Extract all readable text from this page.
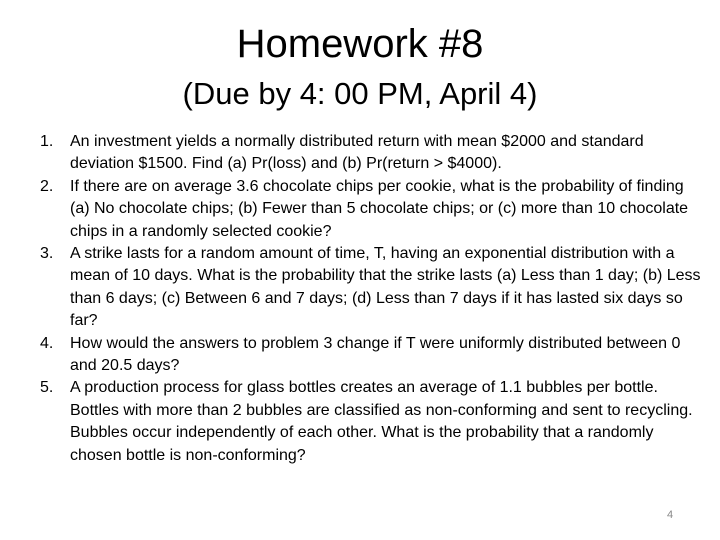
Homework #8
(Due by 4: 00 PM, April 4)
1. An investment yields a normally distributed return with mean $2000 and standard deviation $1500. Find (a) Pr(loss) and (b) Pr(return > $4000).
2. If there are on average 3.6 chocolate chips per cookie, what is the probability of finding (a) No chocolate chips; (b) Fewer than 5 chocolate chips; or (c) more than 10 chocolate chips in a randomly selected cookie?
3. A strike lasts for a random amount of time, T, having an exponential distribution with a mean of 10 days. What is the probability that the strike lasts (a) Less than 1 day; (b) Less than 6 days; (c) Between 6 and 7 days; (d) Less than 7 days if it has lasted six days so far?
4. How would the answers to problem 3 change if T were uniformly distributed between 0 and 20.5 days?
5. A production process for glass bottles creates an average of 1.1 bubbles per bottle. Bottles with more than 2 bubbles are classified as non-conforming and sent to recycling. Bubbles occur independently of each other. What is the probability that a randomly chosen bottle is non-conforming?
4
